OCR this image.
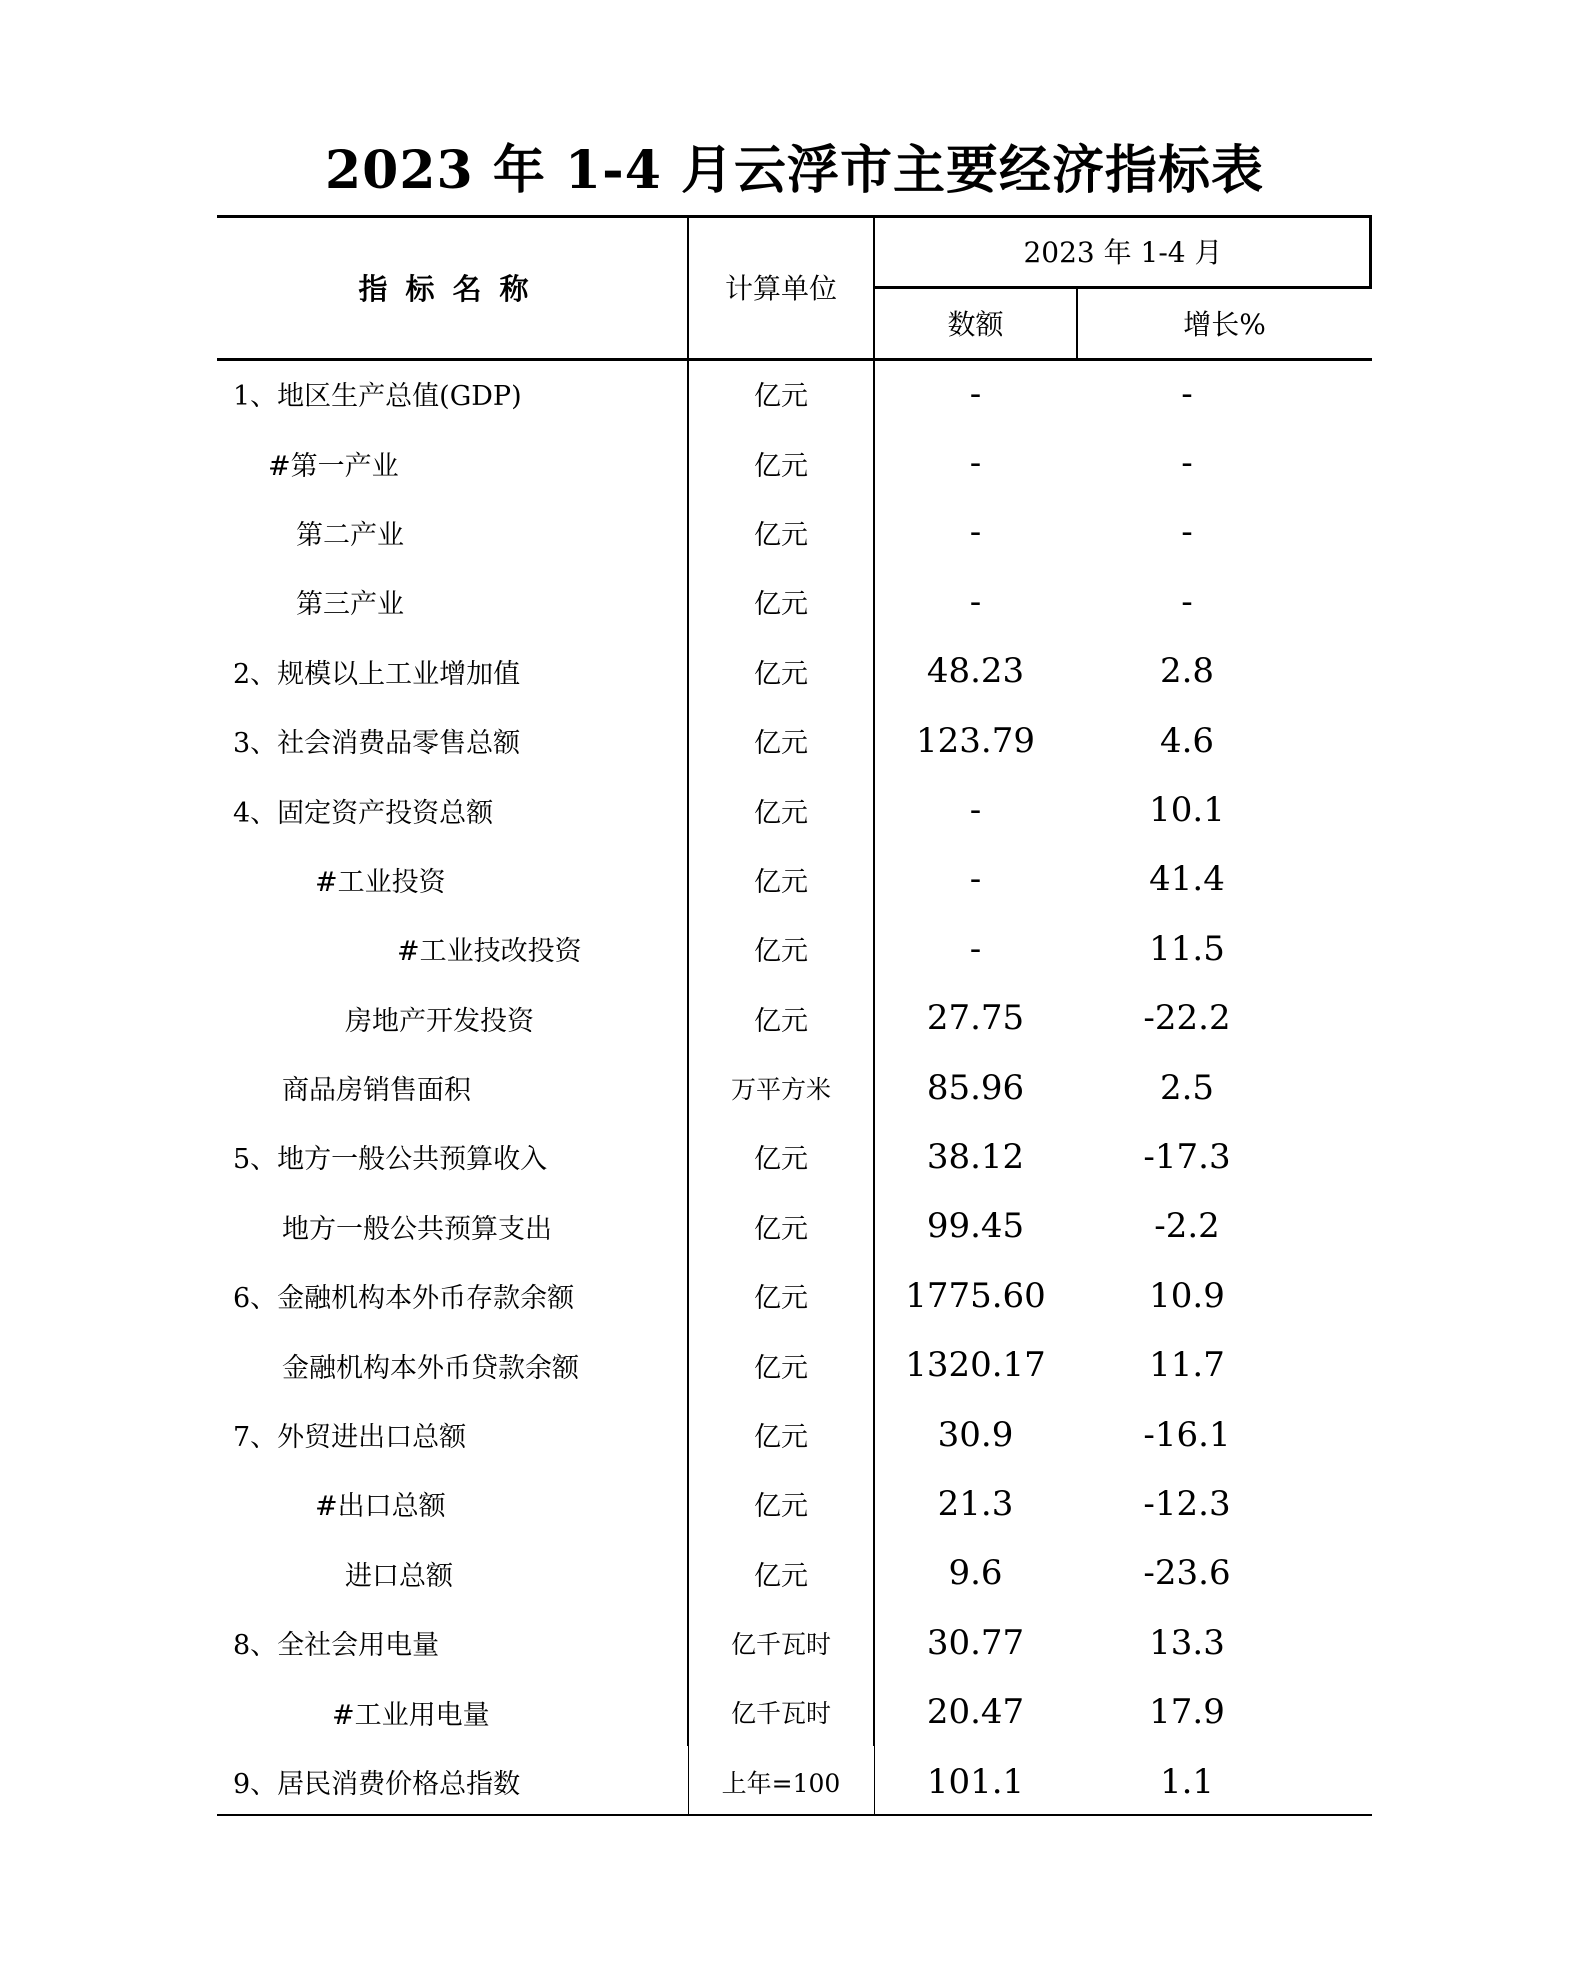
2023 年 1-4 月云浮市主要经济指标表
指标名称	计算单位
2023 年 1-4 月
数额	增长%
1、地区生产总值(GDP)	亿元	-	-
#第一产业	亿元	-	-
第二产业	亿元	-	-
第三产业	亿元	-	-
2、规模以上工业增加值	亿元	48.23	2.8
3、社会消费品零售总额	亿元	123.79	4.6
4、固定资产投资总额	亿元	-	10.1
#工业投资	亿元	-	41.4
#工业技改投资	亿元	-	11.5
房地产开发投资	亿元	27.75	-22.2
商品房销售面积	万平方米	85.96	2.5
5、地方一般公共预算收入	亿元	38.12	-17.3
地方一般公共预算支出	亿元	99.45	-2.2
6、金融机构本外币存款余额	亿元	1775.60	10.9
金融机构本外币贷款余额	亿元	1320.17	11.7
7、外贸进出口总额	亿元	30.9	-16.1
#出口总额	亿元	21.3	-12.3
进口总额	亿元	9.6	-23.6
8、全社会用电量	亿千瓦时	30.77	13.3
#工业用电量	亿千瓦时	20.47	17.9
9、居民消费价格总指数	上年=100	101.1	1.1
